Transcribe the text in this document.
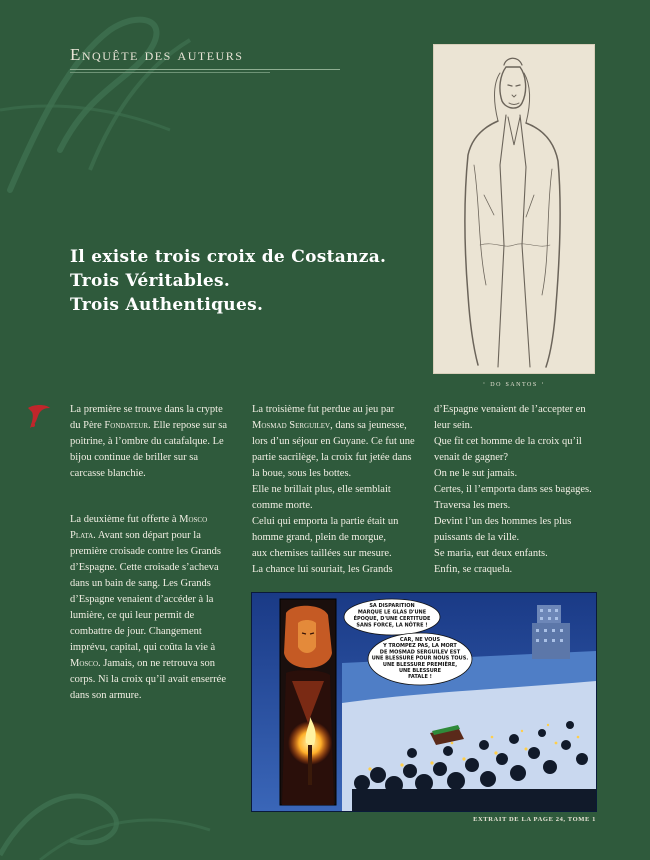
Enquête des auteurs
Il existe trois croix de Costanza.
Trois Véritables.
Trois Authentiques.
· do santos ·

La première se trouve dans la crypte du Père Fondateur. Elle repose sur sa poitrine, à l’ombre du catafalque. Le bijou continue de briller sur sa carcasse blanchie.

La deuxième fut offerte à Mosco Plata. Avant son départ pour la première croisade contre les Grands d’Espagne. Cette croisade s’acheva dans un bain de sang. Les Grands d’Espagne venaient d’accéder à la lumière, ce qui leur permit de combattre de jour. Changement imprévu, capital, qui coûta la vie à Mosco. Jamais, on ne retrouva son corps. Ni la croix qu’il avait enserrée dans son armure.

La troisième fut perdue au jeu par
Mosmad Serguilev, dans sa jeunesse,
lors d’un séjour en Guyane. Ce fut une
partie sacrilège, la croix fut jetée dans
la boue, sous les bottes.
Elle ne brillait plus, elle semblait
comme morte.
Celui qui emporta la partie était un
homme grand, plein de morgue,
aux chemises taillées sur mesure.
La chance lui souriait, les Grands
d’Espagne venaient de l’accepter en
leur sein.
Que fit cet homme de la croix qu’il
venait de gagner?
On ne le sut jamais.
Certes, il l’emporta dans ses bagages.
Traversa les mers.
Devint l’un des hommes les plus
puissants de la ville.
Se maria, eut deux enfants.
Enfin, se craquela.
SA DISPARITION
MARQUE LE GLAS D'UNE
ÉPOQUE, D'UNE CERTITUDE
SANS FORCE, LA NÔTRE !
CAR, NE VOUS
Y TROMPEZ PAS, LA MORT
DE MOSMAD SERGUILEV EST
UNE BLESSURE POUR NOUS TOUS.
UNE BLESSURE PREMIÈRE,
UNE BLESSURE
FATALE !
EXTRAIT DE LA PAGE 24, TOME 1
